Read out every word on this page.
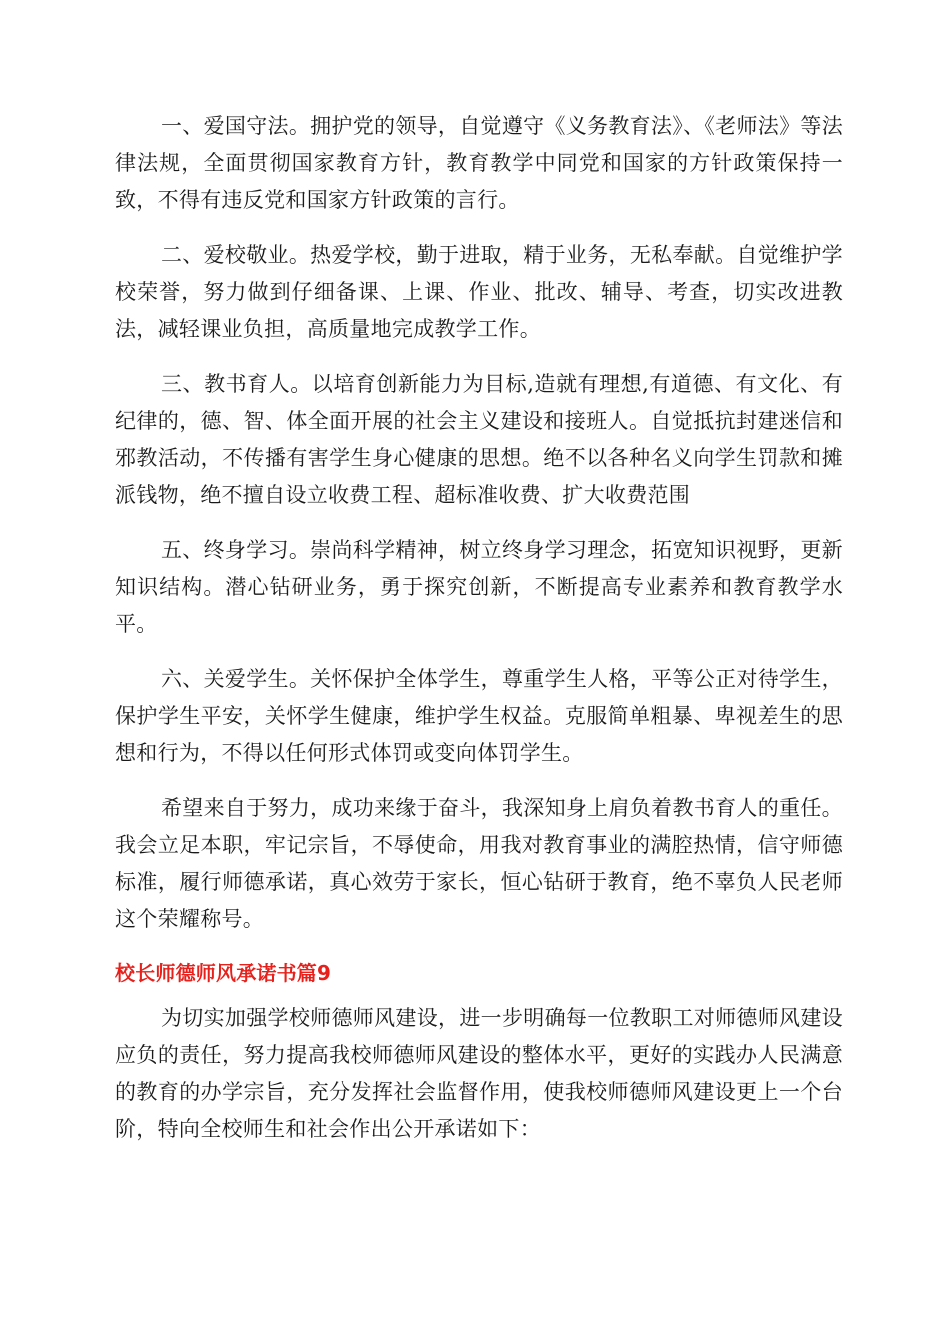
一、爱国守法。拥护党的领导，自觉遵守《义务教育法》、《老师法》等法律法规，全面贯彻国家教育方针，教育教学中同党和国家的方针政策保持一致，不得有违反党和国家方针政策的言行。

二、爱校敬业。热爱学校，勤于进取，精于业务，无私奉献。自觉维护学校荣誉，努力做到仔细备课、上课、作业、批改、辅导、考查，切实改进教法，减轻课业负担，高质量地完成教学工作。

三、教书育人。以培育创新能力为目标,造就有理想,有道德、有文化、有纪律的，德、智、体全面开展的社会主义建设和接班人。自觉抵抗封建迷信和邪教活动，不传播有害学生身心健康的思想。绝不以各种名义向学生罚款和摊派钱物，绝不擅自设立收费工程、超标准收费、扩大收费范围

五、终身学习。崇尚科学精神，树立终身学习理念，拓宽知识视野，更新知识结构。潜心钻研业务，勇于探究创新，不断提高专业素养和教育教学水平。

六、关爱学生。关怀保护全体学生，尊重学生人格，平等公正对待学生，保护学生平安，关怀学生健康，维护学生权益。克服简单粗暴、卑视差生的思想和行为，不得以任何形式体罚或变向体罚学生。

希望来自于努力，成功来缘于奋斗，我深知身上肩负着教书育人的重任。我会立足本职，牢记宗旨，不辱使命，用我对教育事业的满腔热情，信守师德标准，履行师德承诺，真心效劳于家长，恒心钻研于教育，绝不辜负人民老师这个荣耀称号。

校长师德师风承诺书篇9

为切实加强学校师德师风建设，进一步明确每一位教职工对师德师风建设应负的责任，努力提高我校师德师风建设的整体水平，更好的实践办人民满意的教育的办学宗旨，充分发挥社会监督作用，使我校师德师风建设更上一个台阶，特向全校师生和社会作出公开承诺如下：
